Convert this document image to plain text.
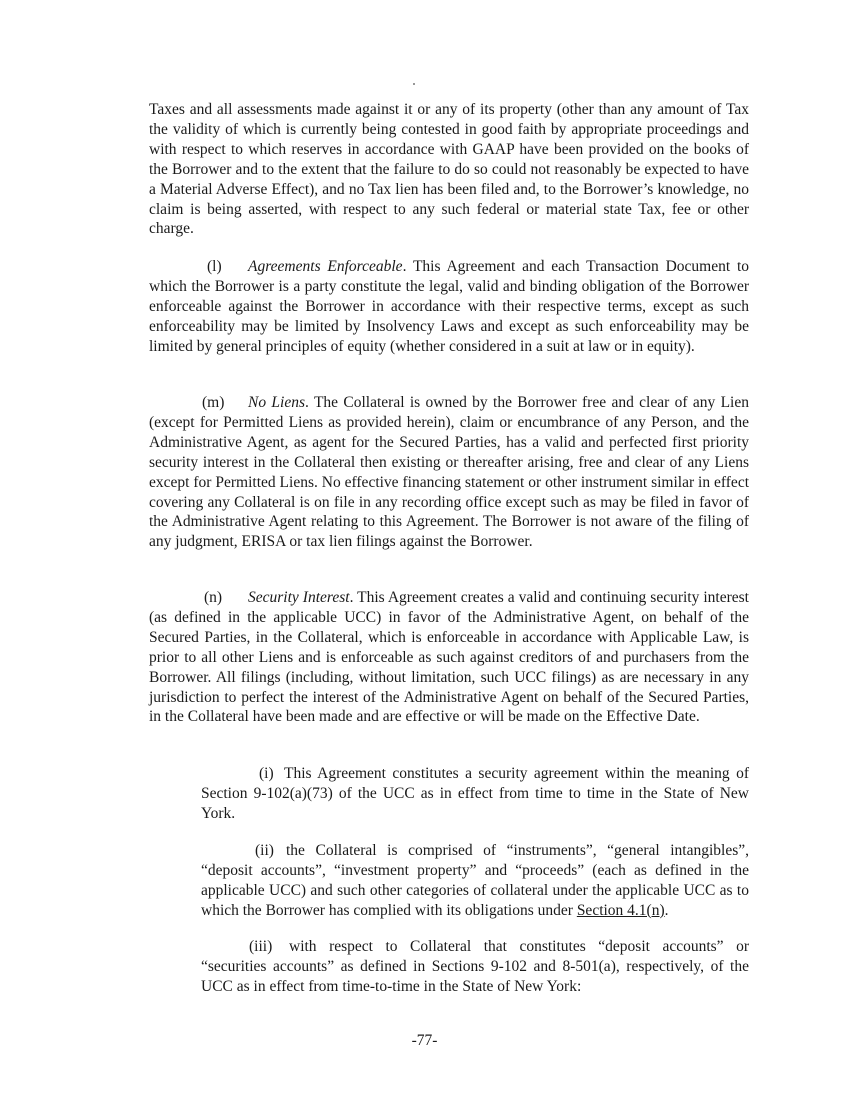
Taxes and all assessments made against it or any of its property (other than any amount of Tax the validity of which is currently being contested in good faith by appropriate proceedings and with respect to which reserves in accordance with GAAP have been provided on the books of the Borrower and to the extent that the failure to do so could not reasonably be expected to have a Material Adverse Effect), and no Tax lien has been filed and, to the Borrower’s knowledge, no claim is being asserted, with respect to any such federal or material state Tax, fee or other charge.

(l) Agreements Enforceable. This Agreement and each Transaction Document to which the Borrower is a party constitute the legal, valid and binding obligation of the Borrower enforceable against the Borrower in accordance with their respective terms, except as such enforceability may be limited by Insolvency Laws and except as such enforceability may be limited by general principles of equity (whether considered in a suit at law or in equity).

(m) No Liens. The Collateral is owned by the Borrower free and clear of any Lien (except for Permitted Liens as provided herein), claim or encumbrance of any Person, and the Administrative Agent, as agent for the Secured Parties, has a valid and perfected first priority security interest in the Collateral then existing or thereafter arising, free and clear of any Liens except for Permitted Liens. No effective financing statement or other instrument similar in effect covering any Collateral is on file in any recording office except such as may be filed in favor of the Administrative Agent relating to this Agreement. The Borrower is not aware of the filing of any judgment, ERISA or tax lien filings against the Borrower.

(n) Security Interest. This Agreement creates a valid and continuing security interest (as defined in the applicable UCC) in favor of the Administrative Agent, on behalf of the Secured Parties, in the Collateral, which is enforceable in accordance with Applicable Law, is prior to all other Liens and is enforceable as such against creditors of and purchasers from the Borrower. All filings (including, without limitation, such UCC filings) as are necessary in any jurisdiction to perfect the interest of the Administrative Agent on behalf of the Secured Parties, in the Collateral have been made and are effective or will be made on the Effective Date.

(i) This Agreement constitutes a security agreement within the meaning of Section 9-102(a)(73) of the UCC as in effect from time to time in the State of New York.

(ii) the Collateral is comprised of “instruments”, “general intangibles”, “deposit accounts”, “investment property” and “proceeds” (each as defined in the applicable UCC) and such other categories of collateral under the applicable UCC as to which the Borrower has complied with its obligations under Section 4.1(n).

(iii) with respect to Collateral that constitutes “deposit accounts” or “securities accounts” as defined in Sections 9-102 and 8-501(a), respectively, of the UCC as in effect from time-to-time in the State of New York:

-77-
